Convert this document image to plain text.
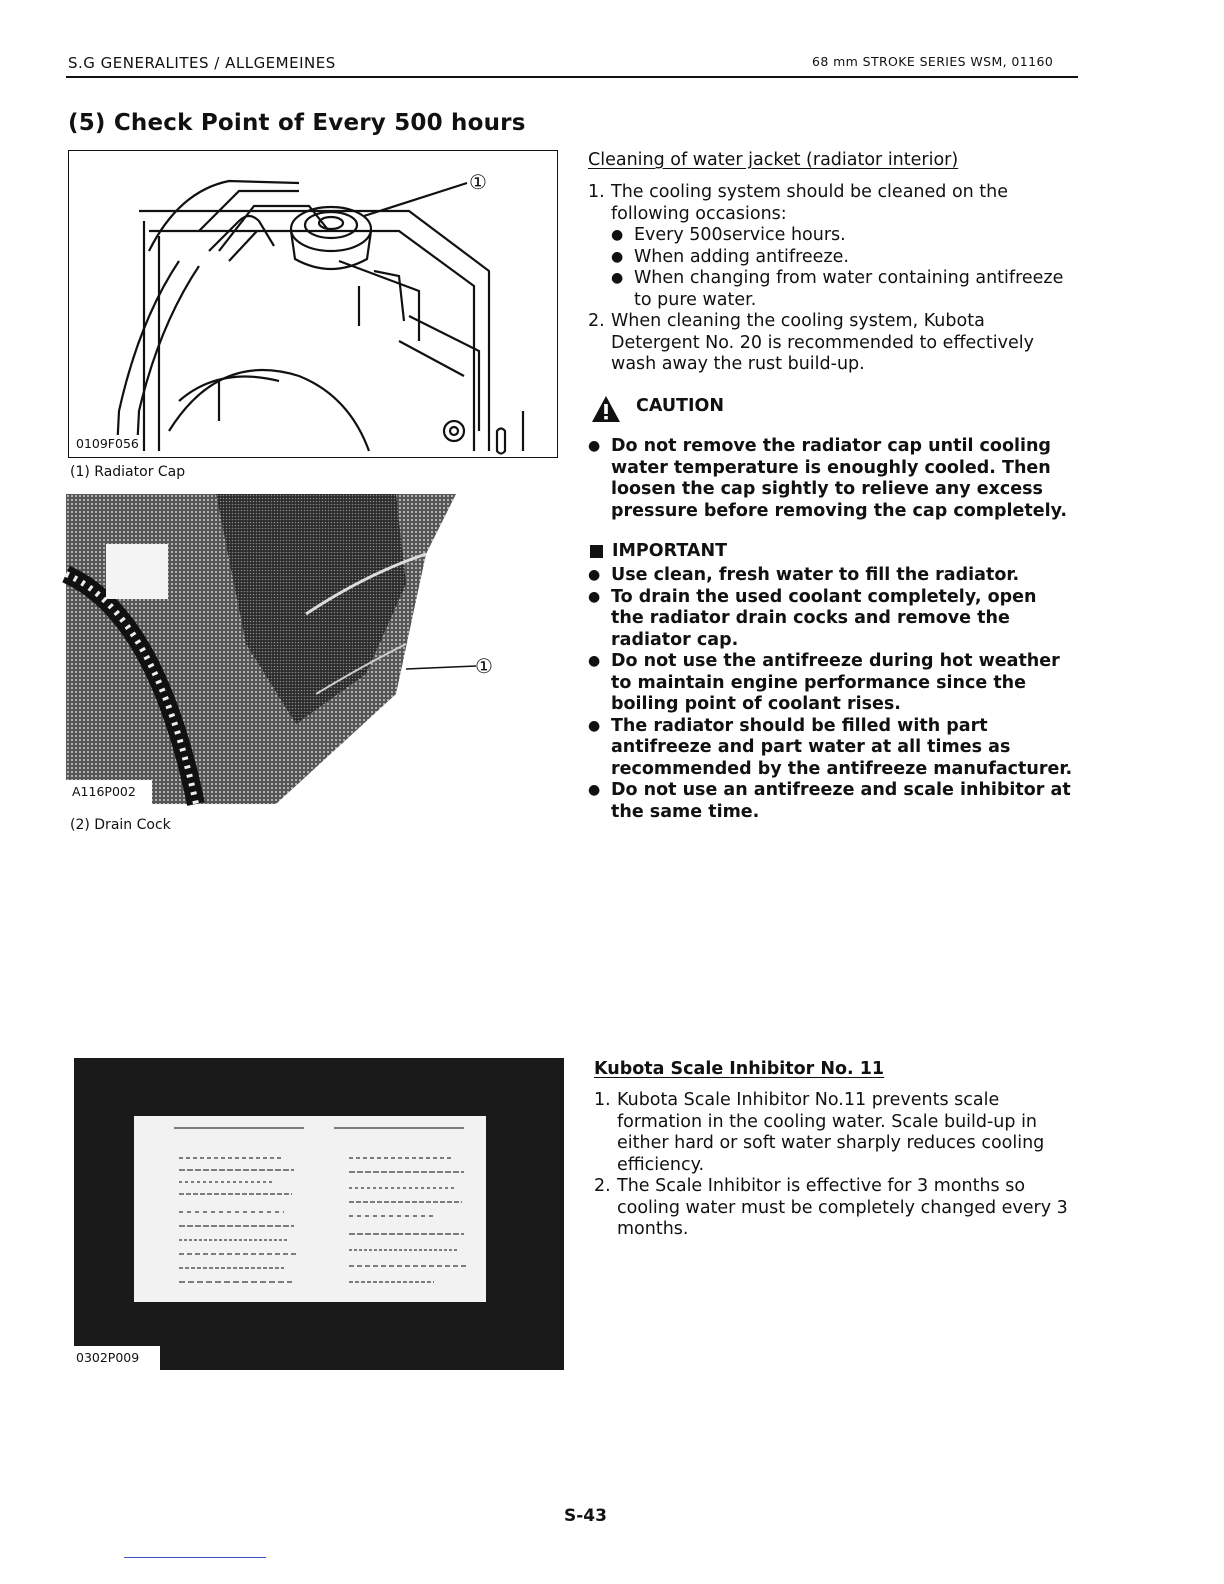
S.G GENERALITES / ALLGEMEINES	68 mm STROKE SERIES WSM, 01160
(5) Check Point of Every 500 hours
①
0109F056
(1) Radiator Cap
①
A116P002
(2) Drain Cock
0302P009
Cleaning of water jacket (radiator interior)
1. The cooling system should be cleaned on the following occasions:
● Every 500service hours.
● When adding antifreeze.
● When changing from water containing antifreeze to pure water.
2. When cleaning the cooling system, Kubota Detergent No. 20 is recommended to effectively wash away the rust build-up.
CAUTION
● Do not remove the radiator cap until cooling water temperature is enoughly cooled. Then loosen the cap sightly to relieve any excess pressure before removing the cap completely.
IMPORTANT
● Use clean, fresh water to fill the radiator.
● To drain the used coolant completely, open the radiator drain cocks and remove the radiator cap.
● Do not use the antifreeze during hot weather to maintain engine performance since the boiling point of coolant rises.
● The radiator should be filled with part antifreeze and part water at all times as recommended by the antifreeze manufacturer.
● Do not use an antifreeze and scale inhibitor at the same time.
Kubota Scale Inhibitor No. 11
1. Kubota Scale Inhibitor No.11 prevents scale formation in the cooling water. Scale build-up in either hard or soft water sharply reduces cooling efficiency.
2. The Scale Inhibitor is effective for 3 months so cooling water must be completely changed every 3 months.
S-43
